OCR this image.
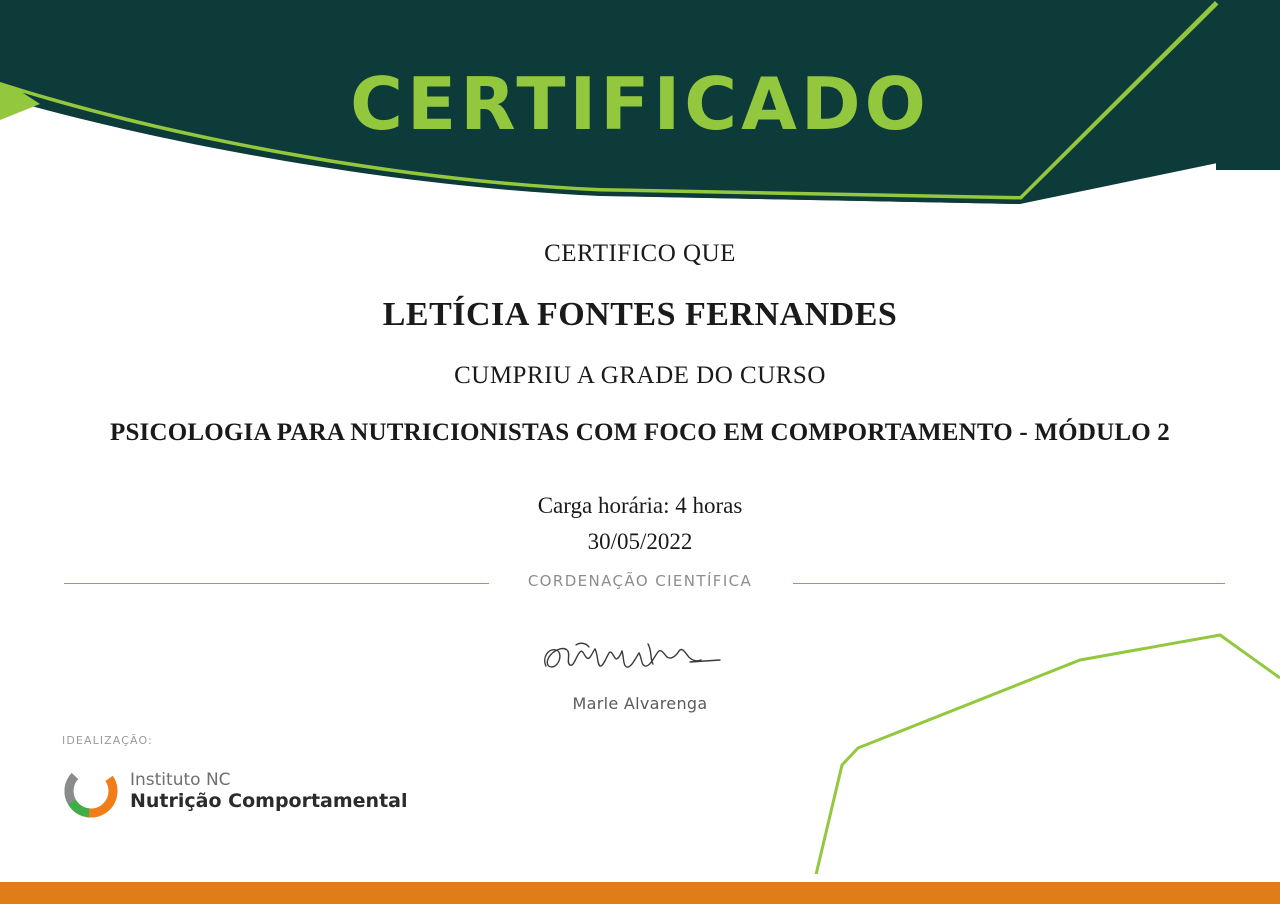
CERTIFICADO
CERTIFICO QUE
LETÍCIA FONTES FERNANDES
CUMPRIU A GRADE DO CURSO
PSICOLOGIA PARA NUTRICIONISTAS COM FOCO EM COMPORTAMENTO - MÓDULO 2
Carga horária: 4 horas
30/05/2022
CORDENAÇÃO CIENTÍFICA
Marle Alvarenga
IDEALIZAÇÃO:
Instituto NC
Nutrição Comportamental
